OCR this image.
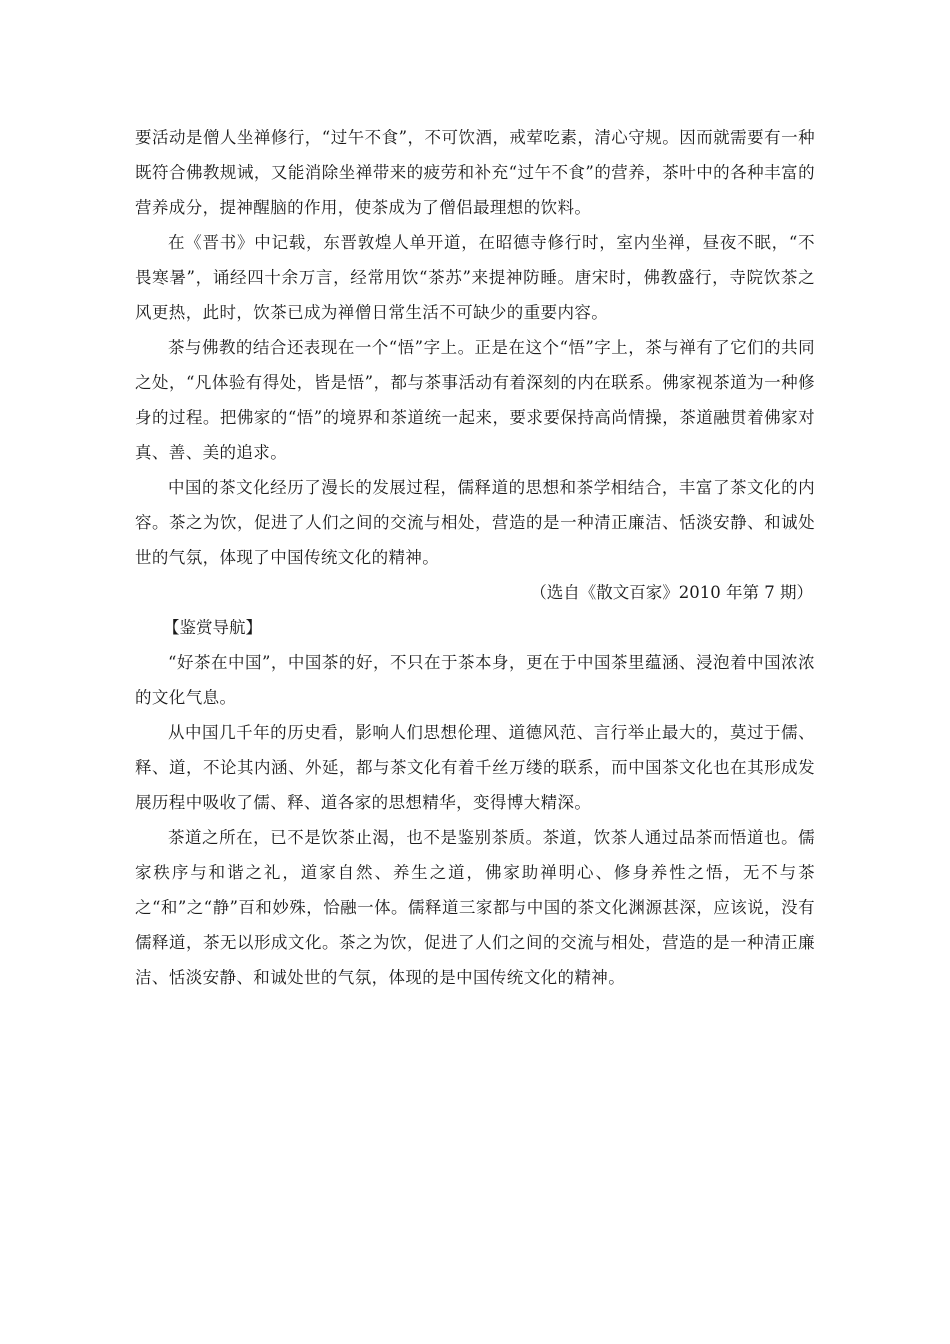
要活动是僧人坐禅修行，“过午不食”，不可饮酒，戒荤吃素，清心守规。因而就需要有一种既符合佛教规诫，又能消除坐禅带来的疲劳和补充“过午不食”的营养，茶叶中的各种丰富的营养成分，提神醒脑的作用，使茶成为了僧侣最理想的饮料。

在《晋书》中记载，东晋敦煌人单开道，在昭德寺修行时，室内坐禅，昼夜不眠，“不畏寒暑”，诵经四十余万言，经常用饮“茶苏”来提神防睡。唐宋时，佛教盛行，寺院饮茶之风更热，此时，饮茶已成为禅僧日常生活不可缺少的重要内容。

茶与佛教的结合还表现在一个“悟”字上。正是在这个“悟”字上，茶与禅有了它们的共同之处，“凡体验有得处，皆是悟”，都与茶事活动有着深刻的内在联系。佛家视茶道为一种修身的过程。把佛家的“悟”的境界和茶道统一起来，要求要保持高尚情操，茶道融贯着佛家对真、善、美的追求。

中国的茶文化经历了漫长的发展过程，儒释道的思想和茶学相结合，丰富了茶文化的内容。茶之为饮，促进了人们之间的交流与相处，营造的是一种清正廉洁、恬淡安静、和诚处世的气氛，体现了中国传统文化的精神。

（选自《散文百家》2010 年第 7 期）

【鉴赏导航】

“好茶在中国”，中国茶的好，不只在于茶本身，更在于中国茶里蕴涵、浸泡着中国浓浓的文化气息。

从中国几千年的历史看，影响人们思想伦理、道德风范、言行举止最大的，莫过于儒、释、道，不论其内涵、外延，都与茶文化有着千丝万缕的联系，而中国茶文化也在其形成发展历程中吸收了儒、释、道各家的思想精华，变得博大精深。

茶道之所在，已不是饮茶止渴，也不是鉴别茶质。茶道，饮茶人通过品茶而悟道也。儒家秩序与和谐之礼，道家自然、养生之道，佛家助禅明心、修身养性之悟，无不与茶之“和”之“静”百和妙殊，恰融一体。儒释道三家都与中国的茶文化渊源甚深，应该说，没有儒释道，茶无以形成文化。茶之为饮，促进了人们之间的交流与相处，营造的是一种清正廉洁、恬淡安静、和诚处世的气氛，体现的是中国传统文化的精神。
